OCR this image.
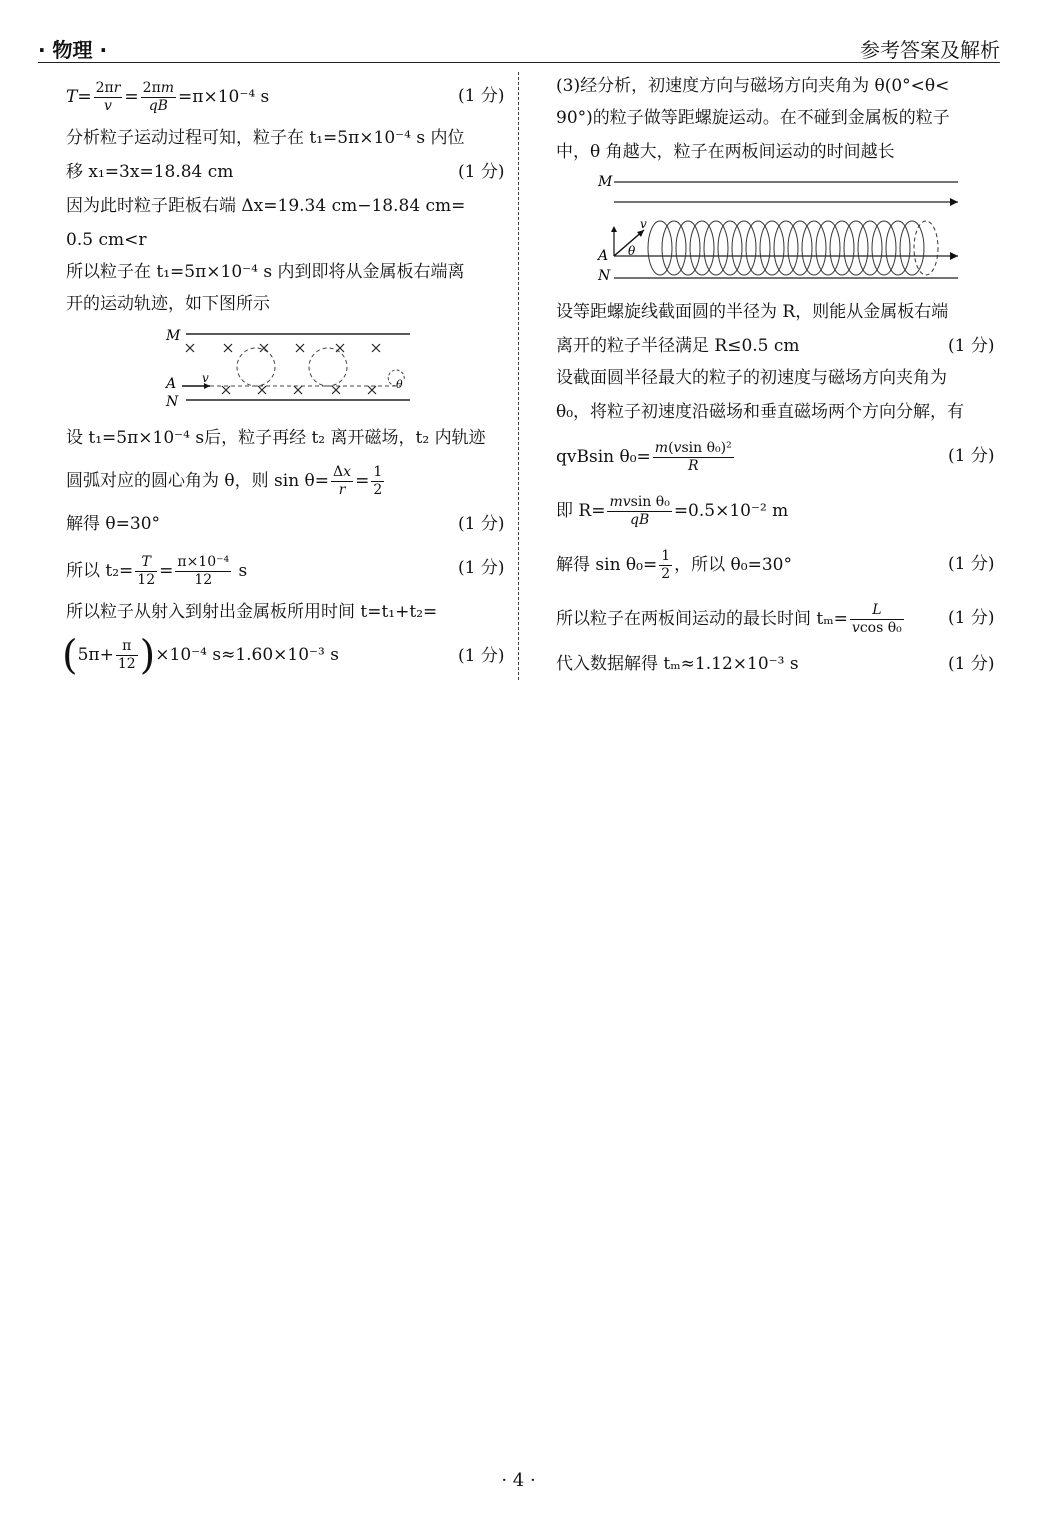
· 物理 ·	参考答案及解析
$T= \frac{2\pi r}{v} = \frac{2\pi m}{qB} =\pi\times 10^{-4}$ s	(1 分)
分析粒子运动过程可知，粒子在 t₁=5π×10⁻⁴ s 内位
移 x₁=3x=18.84 cm	(1 分)
因为此时粒子距板右端 Δx=19.34 cm−18.84 cm=
0.5 cm<r
所以粒子在 t₁=5π×10⁻⁴ s 内到即将从金属板右端离
开的运动轨迹，如下图所示
M
A
N
v	θ
设 t₁=5π×10⁻⁴ s后，粒子再经 t₂ 离开磁场，t₂ 内轨迹
圆弧对应的圆心角为 θ，则 $\sin \theta= \frac{\Delta x}{r} = \frac{1}{2}$
解得 θ=30°	(1 分)
所以 $t_2= \frac{T}{12} = \frac{\text{π×10⁻⁴}}{12}$ s	(1 分)
所以粒子从射入到射出金属板所用时间 t=t₁+t₂=
$(5\pi+ \frac{\pi}{12} )\times 10^{-4}$ s≈1.60×10⁻³ s	(1 分)
(3)经分析，初速度方向与磁场方向夹角为 θ(0°<θ<
90°)的粒子做等距螺旋运动。在不碰到金属板的粒子
中，θ 角越大，粒子在两板间运动的时间越长
M
A
N
v
θ
设等距螺旋线截面圆的半径为 R，则能从金属板右端
离开的粒子半径满足 R≤0.5 cm	(1 分)
设截面圆半径最大的粒子的初速度与磁场方向夹角为
θ₀，将粒子初速度沿磁场和垂直磁场两个方向分解，有
qvBsin $\theta_0= \frac{\text{m(vsin θ₀)²}}{R}$	(1 分)
即 $R= \frac{\text{mvsin θ₀}}{qB} =0.5\times 10^{-2}$ m
解得 $\sin \theta_0= \frac{1}{2}$ ，所以 θ₀=30°	(1 分)
所以粒子在两板间运动的最长时间 $t_m= \frac{L}{\text{vcos θ₀}}$	(1 分)
代入数据解得 tₘ≈1.12×10⁻³ s	(1 分)
· 4 ·
